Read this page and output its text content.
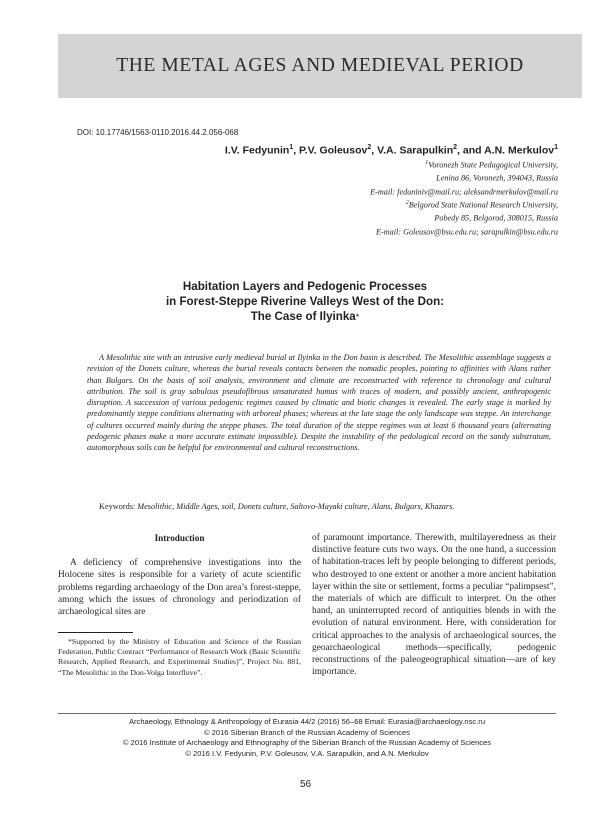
THE METAL AGES AND MEDIEVAL PERIOD
DOI: 10.17746/1563-0110.2016.44.2.056-068
I.V. Fedyunin$^1$, P.V. Goleusov$^2$, V.A. Sarapulkin$^2$, and A.N. Merkulov$^1$
$^1$Voronezh State Pedagogical University,
Lenina 86, Voronezh, 394043, Russia
E-mail: feduniniv@mail.ru; aleksandrmerkulov@mail.ru
$^2$Belgorod State National Research University,
Pobedy 85, Belgorod, 308015, Russia
E-mail: Goleusov@bsu.edu.ru; sarapulkin@bsu.edu.ru
Habitation Layers and Pedogenic Processes
in Forest-Steppe Riverine Valleys West of the Don:
The Case of Ilyinka*
A Mesolithic site with an intrusive early medieval burial at Ilyinka in the Don basin is described. The Mesolithic assemblage suggests a revision of the Donets culture, whereas the burial reveals contacts between the nomadic peoples, pointing to affinities with Alans rather than Bulgars. On the basis of soil analysis, environment and climate are reconstructed with reference to chronology and cultural attribution. The soil is gray sabulous pseudofibrous unsaturated humus with traces of modern, and possibly ancient, anthropogenic disruption. A succession of various pedogenic regimes caused by climatic and biotic changes is revealed. The early stage is marked by predominantly steppe conditions alternating with arboreal phases; whereas at the late stage the only landscape was steppe. An interchange of cultures occurred mainly during the steppe phases. The total duration of the steppe regimes was at least 6 thousand years (alternating pedogenic phases make a more accurate estimate impossible). Despite the instability of the pedological record on the sandy substratum, automorphous soils can be helpful for environmental and cultural reconstructions.
Keywords: Mesolithic, Middle Ages, soil, Donets culture, Saltovo-Mayaki culture, Alans, Bulgars, Khazars.
Introduction

A deficiency of comprehensive investigations into the Holocene sites is responsible for a variety of acute scientific problems regarding archaeology of the Don area’s forest-steppe, among which the issues of chronology and periodization of archaeological sites are

of paramount importance. Therewith, multilayeredness as their distinctive feature cuts two ways. On the one hand, a succession of habitation-traces left by people belonging to different periods, who destroyed to one extent or another a more ancient habitation layer within the site or settlement, forms a peculiar “palimpsest”, the materials of which are difficult to interpret. On the other hand, an uninterrupted record of antiquities blends in with the evolution of natural environment. Here, with consideration for critical approaches to the analysis of archaeological sources, the geoarchaeological methods—specifically, pedogenic reconstructions of the paleogeographical situation—are of key importance.

*Supported by the Ministry of Education and Science of the Russian Federation, Public Contract “Performance of Research Work (Basic Scientific Research, Applied Research, and Experimental Studies)”, Project No. 881, “The Mesolithic in the Don-Volga Interfluve”.
Archaeology, Ethnology & Anthropology of Eurasia 44/2 (2016) 56–68 Email: Eurasia@archaeology.nsc.ru
© 2016 Siberian Branch of the Russian Academy of Sciences
© 2016 Institute of Archaeology and Ethnography of the Siberian Branch of the Russian Academy of Sciences
© 2016 I.V. Fedyunin, P.V. Goleusov, V.A. Sarapulkin, and A.N. Merkulov
56
